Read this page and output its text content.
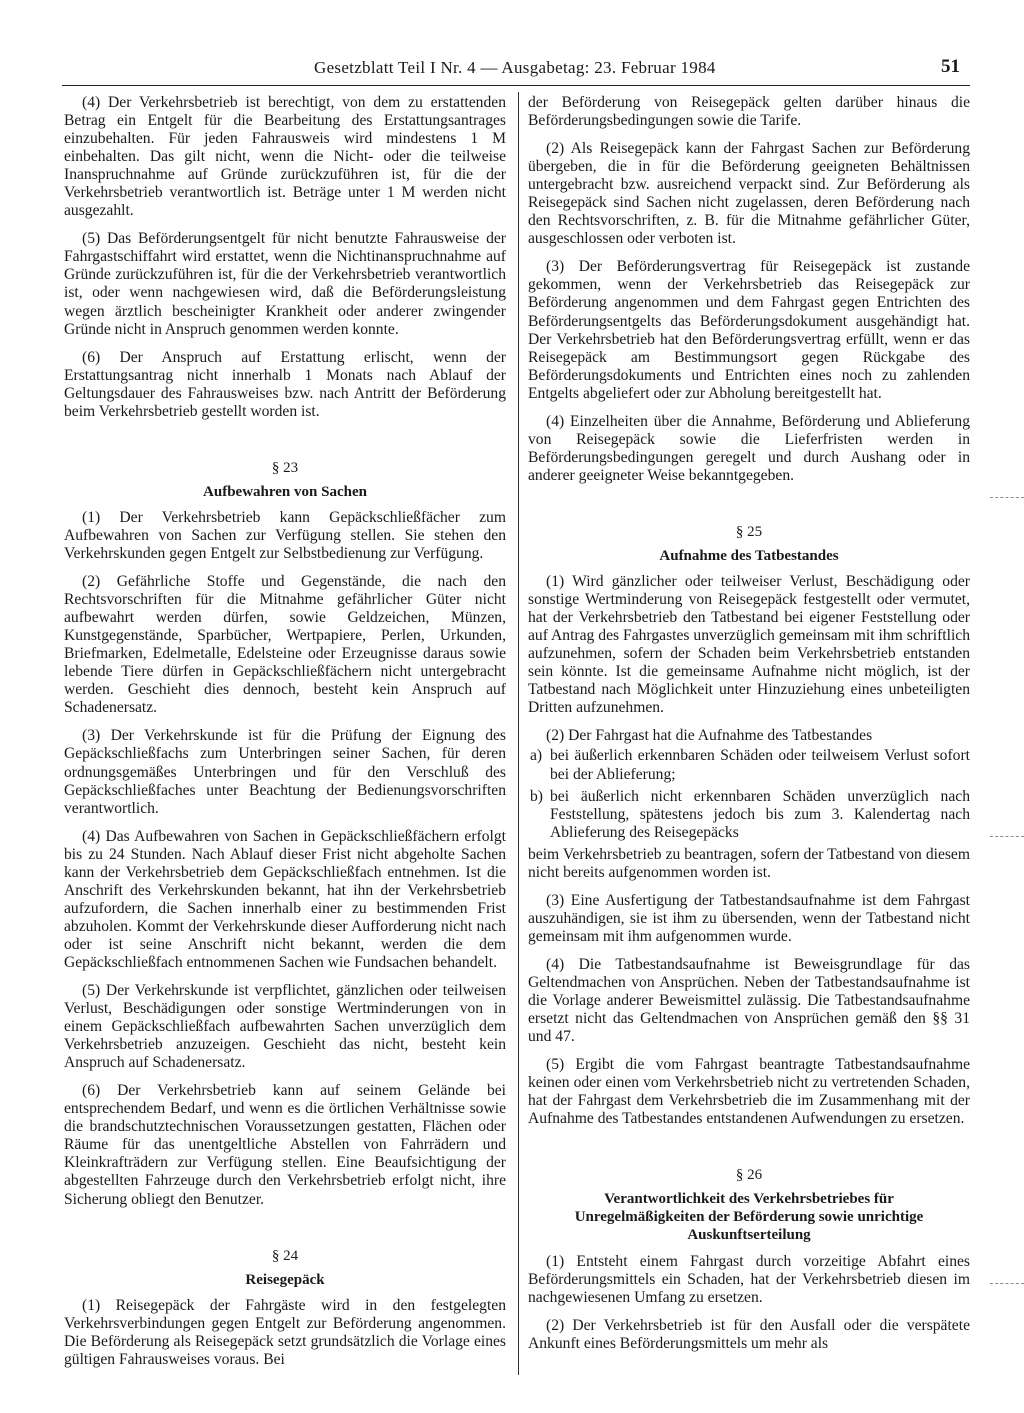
Gesetzblatt Teil I Nr. 4 — Ausgabetag: 23. Februar 1984	51

(4) Der Verkehrsbetrieb ist berechtigt, von dem zu erstattenden Betrag ein Entgelt für die Bearbeitung des Erstattungsantrages einzubehalten. Für jeden Fahrausweis wird mindestens 1 M einbehalten. Das gilt nicht, wenn die Nicht- oder die teilweise Inanspruchnahme auf Gründe zurückzuführen ist, für die der Verkehrsbetrieb verantwortlich ist. Beträge unter 1 M werden nicht ausgezahlt.

(5) Das Beförderungsentgelt für nicht benutzte Fahrausweise der Fahrgastschiffahrt wird erstattet, wenn die Nichtinanspruchnahme auf Gründe zurückzuführen ist, für die der Verkehrsbetrieb verantwortlich ist, oder wenn nachgewiesen wird, daß die Beförderungsleistung wegen ärztlich bescheinigter Krankheit oder anderer zwingender Gründe nicht in Anspruch genommen werden konnte.

(6) Der Anspruch auf Erstattung erlischt, wenn der Erstattungsantrag nicht innerhalb 1 Monats nach Ablauf der Geltungsdauer des Fahrausweises bzw. nach Antritt der Beförderung beim Verkehrsbetrieb gestellt worden ist.

§ 23
Aufbewahren von Sachen

(1) Der Verkehrsbetrieb kann Gepäckschließfächer zum Aufbewahren von Sachen zur Verfügung stellen. Sie stehen den Verkehrskunden gegen Entgelt zur Selbstbedienung zur Verfügung.

(2) Gefährliche Stoffe und Gegenstände, die nach den Rechtsvorschriften für die Mitnahme gefährlicher Güter nicht aufbewahrt werden dürfen, sowie Geldzeichen, Münzen, Kunstgegenstände, Sparbücher, Wertpapiere, Perlen, Urkunden, Briefmarken, Edelmetalle, Edelsteine oder Erzeugnisse daraus sowie lebende Tiere dürfen in Gepäckschließfächern nicht untergebracht werden. Geschieht dies dennoch, besteht kein Anspruch auf Schadenersatz.

(3) Der Verkehrskunde ist für die Prüfung der Eignung des Gepäckschließfachs zum Unterbringen seiner Sachen, für deren ordnungsgemäßes Unterbringen und für den Verschluß des Gepäckschließfaches unter Beachtung der Bedienungsvorschriften verantwortlich.

(4) Das Aufbewahren von Sachen in Gepäckschließfächern erfolgt bis zu 24 Stunden. Nach Ablauf dieser Frist nicht abgeholte Sachen kann der Verkehrsbetrieb dem Gepäckschließfach entnehmen. Ist die Anschrift des Verkehrskunden bekannt, hat ihn der Verkehrsbetrieb aufzufordern, die Sachen innerhalb einer zu bestimmenden Frist abzuholen. Kommt der Verkehrskunde dieser Aufforderung nicht nach oder ist seine Anschrift nicht bekannt, werden die dem Gepäckschließfach entnommenen Sachen wie Fundsachen behandelt.

(5) Der Verkehrskunde ist verpflichtet, gänzlichen oder teilweisen Verlust, Beschädigungen oder sonstige Wertminderungen von in einem Gepäckschließfach aufbewahrten Sachen unverzüglich dem Verkehrsbetrieb anzuzeigen. Geschieht das nicht, besteht kein Anspruch auf Schadenersatz.

(6) Der Verkehrsbetrieb kann auf seinem Gelände bei entsprechendem Bedarf, und wenn es die örtlichen Verhältnisse sowie die brandschutztechnischen Voraussetzungen gestatten, Flächen oder Räume für das unentgeltliche Abstellen von Fahrrädern und Kleinkrafträdern zur Verfügung stellen. Eine Beaufsichtigung der abgestellten Fahrzeuge durch den Verkehrsbetrieb erfolgt nicht, ihre Sicherung obliegt den Benutzer.

§ 24
Reisegepäck

(1) Reisegepäck der Fahrgäste wird in den festgelegten Verkehrsverbindungen gegen Entgelt zur Beförderung angenommen. Die Beförderung als Reisegepäck setzt grundsätzlich die Vorlage eines gültigen Fahrausweises voraus. Bei

der Beförderung von Reisegepäck gelten darüber hinaus die Beförderungsbedingungen sowie die Tarife.

(2) Als Reisegepäck kann der Fahrgast Sachen zur Beförderung übergeben, die in für die Beförderung geeigneten Behältnissen untergebracht bzw. ausreichend verpackt sind. Zur Beförderung als Reisegepäck sind Sachen nicht zugelassen, deren Beförderung nach den Rechtsvorschriften, z. B. für die Mitnahme gefährlicher Güter, ausgeschlossen oder verboten ist.

(3) Der Beförderungsvertrag für Reisegepäck ist zustande gekommen, wenn der Verkehrsbetrieb das Reisegepäck zur Beförderung angenommen und dem Fahrgast gegen Entrichten des Beförderungsentgelts das Beförderungsdokument ausgehändigt hat. Der Verkehrsbetrieb hat den Beförderungsvertrag erfüllt, wenn er das Reisegepäck am Bestimmungsort gegen Rückgabe des Beförderungsdokuments und Entrichten eines noch zu zahlenden Entgelts abgeliefert oder zur Abholung bereitgestellt hat.

(4) Einzelheiten über die Annahme, Beförderung und Ablieferung von Reisegepäck sowie die Lieferfristen werden in Beförderungsbedingungen geregelt und durch Aushang oder in anderer geeigneter Weise bekanntgegeben.

§ 25
Aufnahme des Tatbestandes

(1) Wird gänzlicher oder teilweiser Verlust, Beschädigung oder sonstige Wertminderung von Reisegepäck festgestellt oder vermutet, hat der Verkehrsbetrieb den Tatbestand bei eigener Feststellung oder auf Antrag des Fahrgastes unverzüglich gemeinsam mit ihm schriftlich aufzunehmen, sofern der Schaden beim Verkehrsbetrieb entstanden sein könnte. Ist die gemeinsame Aufnahme nicht möglich, ist der Tatbestand nach Möglichkeit unter Hinzuziehung eines unbeteiligten Dritten aufzunehmen.

(2) Der Fahrgast hat die Aufnahme des Tatbestandes

a) bei äußerlich erkennbaren Schäden oder teilweisem Verlust sofort bei der Ablieferung;
b) bei äußerlich nicht erkennbaren Schäden unverzüglich nach Feststellung, spätestens jedoch bis zum 3. Kalendertag nach Ablieferung des Reisegepäcks

beim Verkehrsbetrieb zu beantragen, sofern der Tatbestand von diesem nicht bereits aufgenommen worden ist.

(3) Eine Ausfertigung der Tatbestandsaufnahme ist dem Fahrgast auszuhändigen, sie ist ihm zu übersenden, wenn der Tatbestand nicht gemeinsam mit ihm aufgenommen wurde.

(4) Die Tatbestandsaufnahme ist Beweisgrundlage für das Geltendmachen von Ansprüchen. Neben der Tatbestandsaufnahme ist die Vorlage anderer Beweismittel zulässig. Die Tatbestandsaufnahme ersetzt nicht das Geltendmachen von Ansprüchen gemäß den §§ 31 und 47.

(5) Ergibt die vom Fahrgast beantragte Tatbestandsaufnahme keinen oder einen vom Verkehrsbetrieb nicht zu vertretenden Schaden, hat der Fahrgast dem Verkehrsbetrieb die im Zusammenhang mit der Aufnahme des Tatbestandes entstandenen Aufwendungen zu ersetzen.

§ 26
Verantwortlichkeit des Verkehrsbetriebes für Unregelmäßigkeiten der Beförderung sowie unrichtige Auskunftserteilung

(1) Entsteht einem Fahrgast durch vorzeitige Abfahrt eines Beförderungsmittels ein Schaden, hat der Verkehrsbetrieb diesen im nachgewiesenen Umfang zu ersetzen.

(2) Der Verkehrsbetrieb ist für den Ausfall oder die verspätete Ankunft eines Beförderungsmittels um mehr als
